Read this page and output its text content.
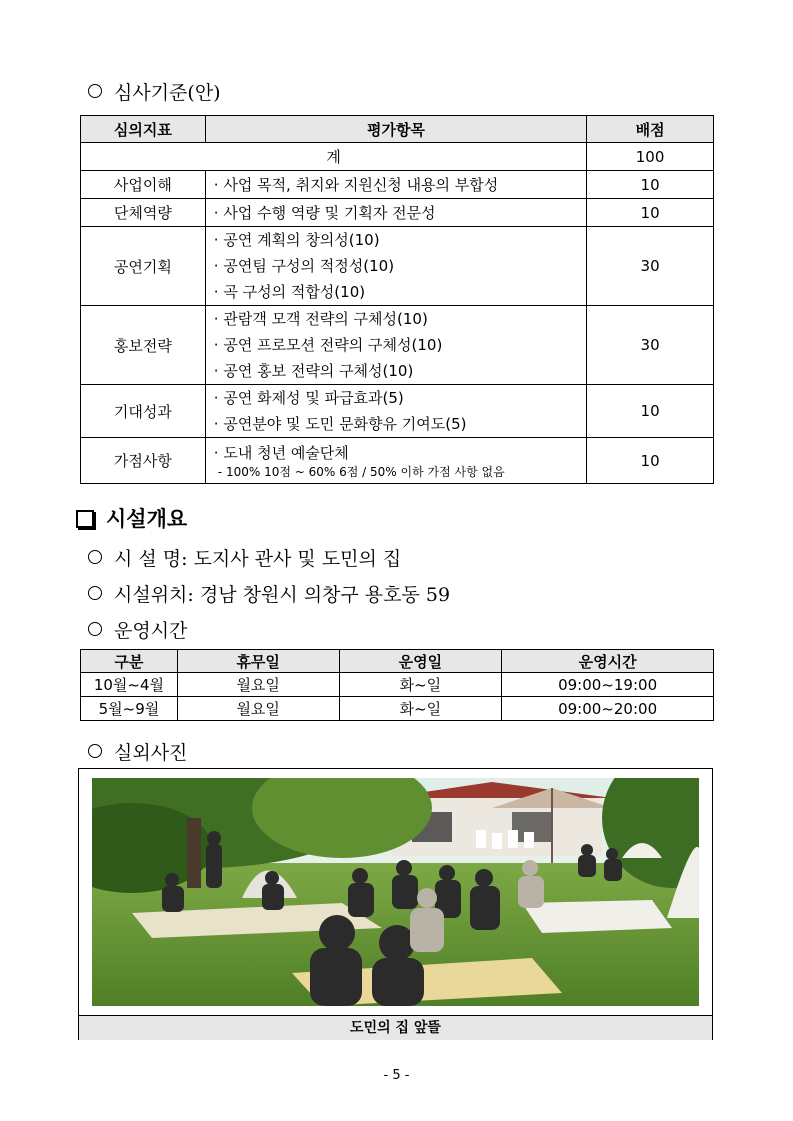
심사기준(안)
심의지표	평가항목	배점
계		100
사업이해	· 사업 목적, 취지와 지원신청 내용의 부합성	10
단체역량	· 사업 수행 역량 및 기획자 전문성	10
공연기획	· 공연 계획의 창의성(10)
· 공연팀 구성의 적정성(10)
· 곡 구성의 적합성(10)	30
홍보전략	· 관람객 모객 전략의 구체성(10)
· 공연 프로모션 전략의 구체성(10)
· 공연 홍보 전략의 구체성(10)	30
기대성과	· 공연 화제성 및 파급효과(5)
· 공연분야 및 도민 문화향유 기여도(5)	10
가점사항	· 도내 청년 예술단체
- 100% 10점 ~ 60% 6점 / 50% 이하 가점 사항 없음	10
시설개요
시 설 명: 도지사 관사 및 도민의 집
시설위치: 경남 창원시 의창구 용호동 59
운영시간
구분	휴무일	운영일	운영시간
10월~4월	월요일	화~일	09:00~19:00
5월~9월	월요일	화~일	09:00~20:00
실외사진
도민의 집 앞뜰
- 5 -
